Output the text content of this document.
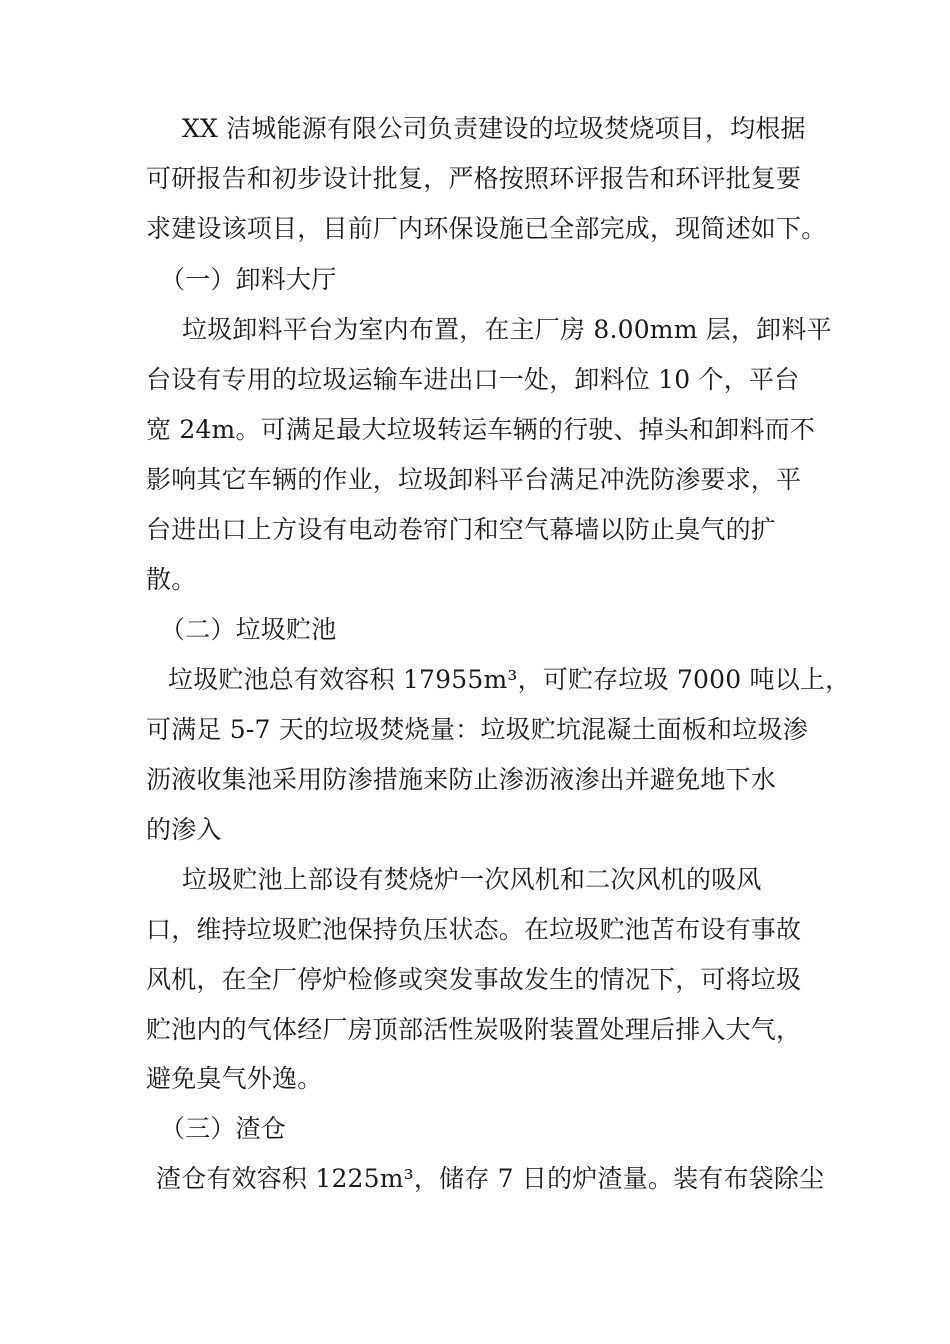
XX 洁城能源有限公司负责建设的垃圾焚烧项目，均根据
可研报告和初步设计批复，严格按照环评报告和环评批复要
求建设该项目，目前厂内环保设施已全部完成，现简述如下。
（一）卸料大厅
垃圾卸料平台为室内布置，在主厂房 8.00mm 层，卸料平
台设有专用的垃圾运输车进出口一处，卸料位 10 个，平台
宽 24m。可满足最大垃圾转运车辆的行驶、掉头和卸料而不
影响其它车辆的作业，垃圾卸料平台满足冲洗防渗要求，平
台进出口上方设有电动卷帘门和空气幕墙以防止臭气的扩
散。
（二）垃圾贮池
垃圾贮池总有效容积 17955m³，可贮存垃圾 7000 吨以上，
可满足 5-7 天的垃圾焚烧量：垃圾贮坑混凝土面板和垃圾渗
沥液收集池采用防渗措施来防止渗沥液渗出并避免地下水
的渗入
垃圾贮池上部设有焚烧炉一次风机和二次风机的吸风
口，维持垃圾贮池保持负压状态。在垃圾贮池苫布设有事故
风机，在全厂停炉检修或突发事故发生的情况下，可将垃圾
贮池内的气体经厂房顶部活性炭吸附装置处理后排入大气，
避免臭气外逸。
（三）渣仓
渣仓有效容积 1225m³，储存 7 日的炉渣量。装有布袋除尘
